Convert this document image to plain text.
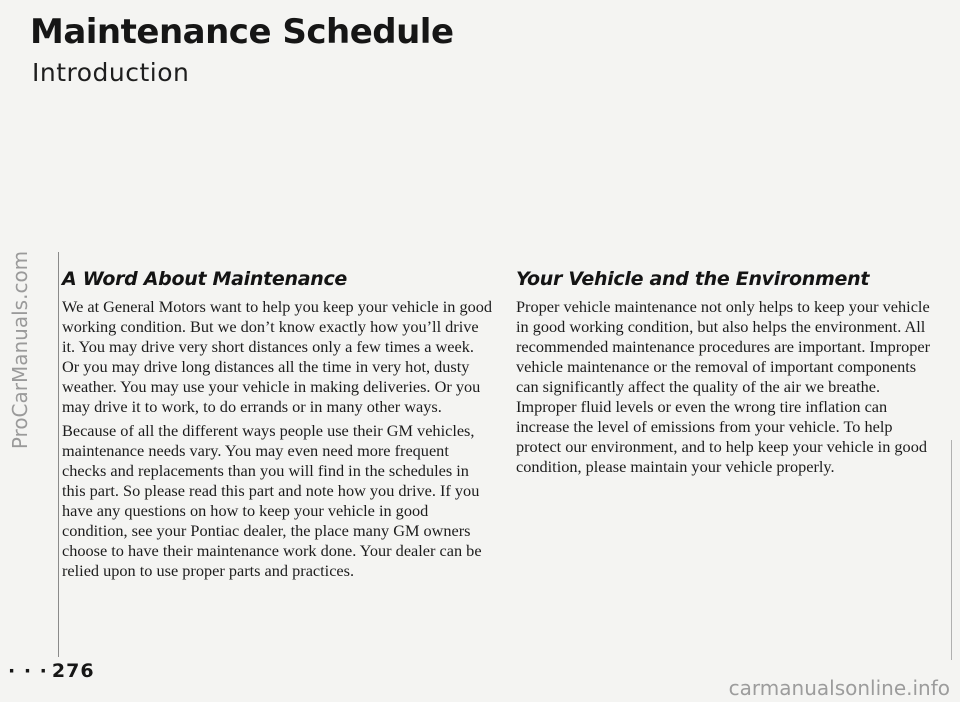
Maintenance Schedule
Introduction
ProCarManuals.com A Word About Maintenance

We at General Motors want to help you keep your vehicle in good working condition. But we don’t know exactly how you’ll drive it. You may drive very short distances only a few times a week. Or you may drive long distances all the time in very hot, dusty weather. You may use your vehicle in making deliveries. Or you may drive it to work, to do errands or in many other ways.

Because of all the different ways people use their GM vehicles, maintenance needs vary. You may even need more frequent checks and replacements than you will find in the schedules in this part. So please read this part and note how you drive. If you have any questions on how to keep your vehicle in good condition, see your Pontiac dealer, the place many GM owners choose to have their maintenance work done. Your dealer can be relied upon to use proper parts and practices.

Your Vehicle and the Environment

Proper vehicle maintenance not only helps to keep your vehicle in good working condition, but also helps the environment. All recommended maintenance procedures are important. Improper vehicle maintenance or the removal of important components can significantly affect the quality of the air we breathe. Improper fluid levels or even the wrong tire inflation can increase the level of emissions from your vehicle. To help protect our environment, and to help keep your vehicle in good condition, please maintain your vehicle properly.

· · · 276
carmanualsonline.info
